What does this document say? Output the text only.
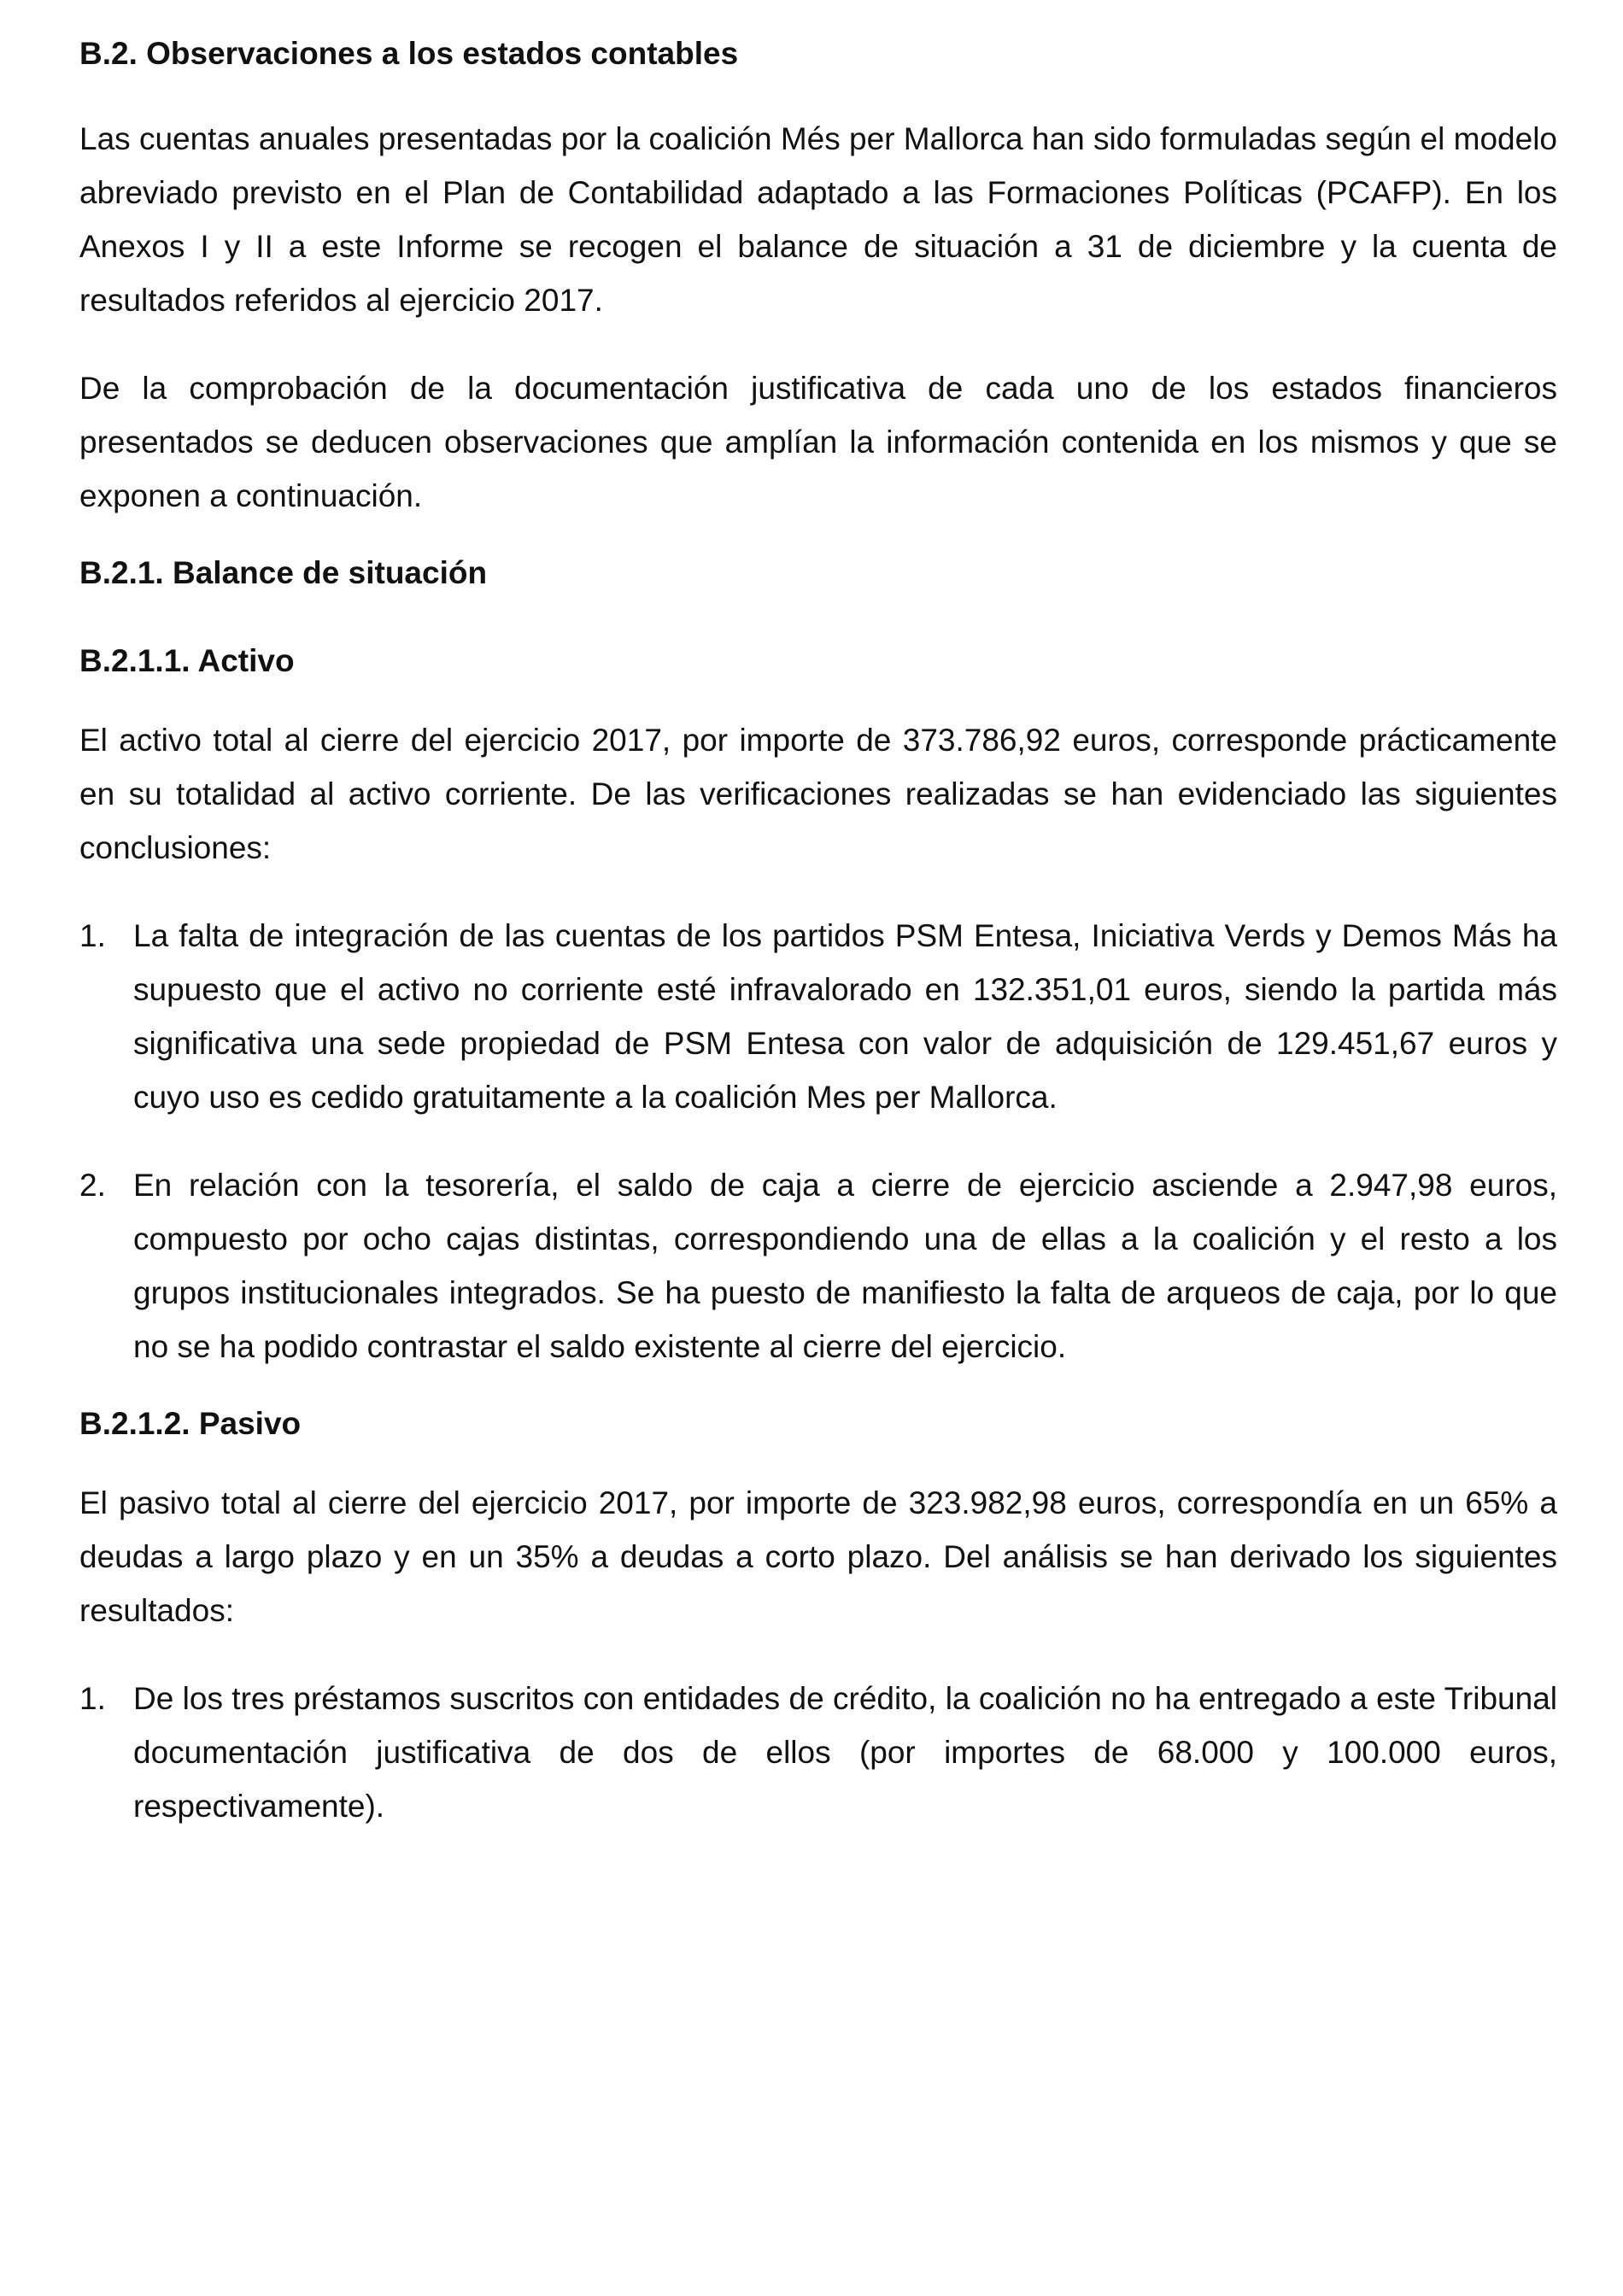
B.2. Observaciones a los estados contables

Las cuentas anuales presentadas por la coalición Més per Mallorca han sido formuladas según el modelo abreviado previsto en el Plan de Contabilidad adaptado a las Formaciones Políticas (PCAFP). En los Anexos I y II a este Informe se recogen el balance de situación a 31 de diciembre y la cuenta de resultados referidos al ejercicio 2017.

De la comprobación de la documentación justificativa de cada uno de los estados financieros presentados se deducen observaciones que amplían la información contenida en los mismos y que se exponen a continuación.

B.2.1. Balance de situación
B.2.1.1. Activo

El activo total al cierre del ejercicio 2017, por importe de 373.786,92 euros, corresponde prácticamente en su totalidad al activo corriente. De las verificaciones realizadas se han evidenciado las siguientes conclusiones:

1. La falta de integración de las cuentas de los partidos PSM Entesa, Iniciativa Verds y Demos Más ha supuesto que el activo no corriente esté infravalorado en 132.351,01 euros, siendo la partida más significativa una sede propiedad de PSM Entesa con valor de adquisición de 129.451,67 euros y cuyo uso es cedido gratuitamente a la coalición Mes per Mallorca.
2. En relación con la tesorería, el saldo de caja a cierre de ejercicio asciende a 2.947,98 euros, compuesto por ocho cajas distintas, correspondiendo una de ellas a la coalición y el resto a los grupos institucionales integrados. Se ha puesto de manifiesto la falta de arqueos de caja, por lo que no se ha podido contrastar el saldo existente al cierre del ejercicio.
B.2.1.2. Pasivo

El pasivo total al cierre del ejercicio 2017, por importe de 323.982,98 euros, correspondía en un 65% a deudas a largo plazo y en un 35% a deudas a corto plazo. Del análisis se han derivado los siguientes resultados:

1. De los tres préstamos suscritos con entidades de crédito, la coalición no ha entregado a este Tribunal documentación justificativa de dos de ellos (por importes de 68.000 y 100.000 euros, respectivamente).
